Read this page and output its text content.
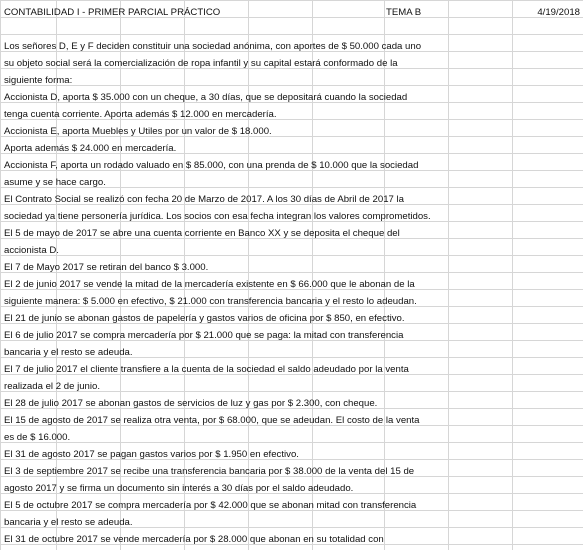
CONTABILIDAD I - PRIMER PARCIAL PRÁCTICO	TEMA B	4/19/2018
Los señores D, E y F deciden constituir una sociedad anónima, con aportes de $ 50.000 cada uno
su objeto social será la comercialización de ropa infantil y su capital estará conformado de la
siguiente forma:
Accionista D, aporta $ 35.000 con un cheque, a 30 días, que se depositará cuando la sociedad
tenga cuenta corriente. Aporta además $ 12.000 en mercadería.
Accionista E, aporta Muebles y Utiles por un valor de $ 18.000.
Aporta además $ 24.000 en mercadería.
Accionista F, aporta un rodado valuado en $ 85.000, con una prenda de $ 10.000 que la sociedad
asume y se hace cargo.
El Contrato Social se realizó con fecha 20 de Marzo de 2017. A los 30 días de Abril de 2017 la
sociedad ya tiene personería jurídica. Los socios con esa fecha integran los valores comprometidos.
El 5 de mayo de 2017 se abre una cuenta corriente en Banco XX y se deposita el cheque del
accionista D.
El 7 de Mayo 2017 se retiran del banco $ 3.000.
El 2 de junio 2017 se vende la mitad de la mercadería existente en $ 66.000 que le abonan de la
siguiente manera: $ 5.000 en efectivo, $ 21.000 con transferencia bancaria y el resto lo adeudan.
El 21 de junio se abonan gastos de papelería y gastos varios de oficina por $ 850, en efectivo.
El 6 de julio 2017 se compra mercadería por $ 21.000 que se paga: la mitad con transferencia
bancaria y el resto se adeuda.
El 7 de julio 2017 el cliente transfiere a la cuenta de la sociedad el saldo adeudado por la venta
realizada el 2 de junio.
El 28 de julio 2017 se abonan gastos de servicios de luz y gas por $ 2.300, con cheque.
El 15 de agosto de 2017 se realiza otra venta, por $ 68.000, que se adeudan. El costo de la venta
es de $ 16.000.
El 31 de agosto 2017 se pagan gastos varios por $ 1.950 en efectivo.
El 3 de septiembre 2017 se recibe una transferencia bancaria por $ 38.000 de la venta del 15 de
agosto 2017 y se firma un documento sin interés a 30 días por el saldo adeudado.
El 5 de octubre 2017 se compra mercadería por $ 42.000 que se abonan mitad con transferencia
bancaria y el resto se adeuda.
El 31 de octubre 2017 se vende mercadería por $ 28.000 que abonan en su totalidad con
